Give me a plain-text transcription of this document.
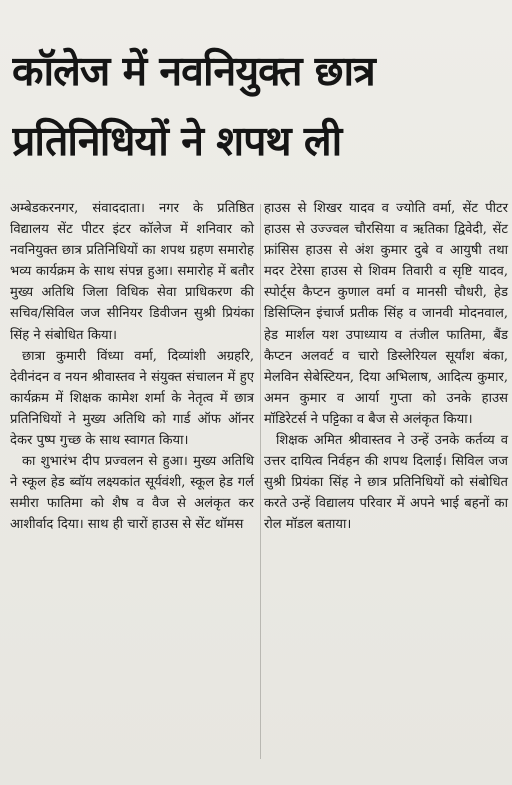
कॉलेज में नवनियुक्त छात्र
प्रतिनिधियों ने शपथ ली

अम्बेडकरनगर, संवाददाता। नगर के प्रतिष्ठित विद्यालय सेंट पीटर इंटर कॉलेज में शनिवार को नवनियुक्त छात्र प्रतिनिधियों का शपथ ग्रहण समारोह भव्य कार्यक्रम के साथ संपन्न हुआ। समारोह में बतौर मुख्य अतिथि जिला विधिक सेवा प्राधिकरण की सचिव/सिविल जज सीनियर डिवीजन सुश्री प्रियंका सिंह ने संबोधित किया।

छात्रा कुमारी विंध्या वर्मा, दिव्यांशी अग्रहरि, देवीनंदन व नयन श्रीवास्तव ने संयुक्त संचालन में हुए कार्यक्रम में शिक्षक कामेश शर्मा के नेतृत्व में छात्र प्रतिनिधियों ने मुख्य अतिथि को गार्ड ऑफ ऑनर देकर पुष्प गुच्छ के साथ स्वागत किया।

का शुभारंभ दीप प्रज्वलन से हुआ। मुख्य अतिथि ने स्कूल हेड ब्वॉय लक्ष्यकांत सूर्यवंशी, स्कूल हेड गर्ल समीरा फातिमा को शैष व वैज से अलंकृत कर आशीर्वाद दिया। साथ ही चारों हाउस से सेंट थॉमस

हाउस से शिखर यादव व ज्योति वर्मा, सेंट पीटर हाउस से उज्ज्वल चौरसिया व ऋतिका द्विवेदी, सेंट फ्रांसिस हाउस से अंश कुमार दुबे व आयुषी तथा मदर टेरेसा हाउस से शिवम तिवारी व सृष्टि यादव, स्पोर्ट्स कैप्टन कुणाल वर्मा व मानसी चौधरी, हेड डिसिप्लिन इंचार्ज प्रतीक सिंह व जानवी मोदनवाल, हेड मार्शल यश उपाध्याय व तंजील फातिमा, बैंड कैप्टन अलवर्ट व चारो डिस्लेरियल सूर्यांश बंका, मेलविन सेबेस्टियन, दिया अभिलाष, आदित्य कुमार, अमन कुमार व आर्या गुप्ता को उनके हाउस मॉडिरेटर्स ने पट्टिका व बैज से अलंकृत किया।

शिक्षक अमित श्रीवास्तव ने उन्हें उनके कर्तव्य व उत्तर दायित्व निर्वहन की शपथ दिलाई। सिविल जज सुश्री प्रियंका सिंह ने छात्र प्रतिनिधियों को संबोधित करते उन्हें विद्यालय परिवार में अपने भाई बहनों का रोल मॉडल बताया।
